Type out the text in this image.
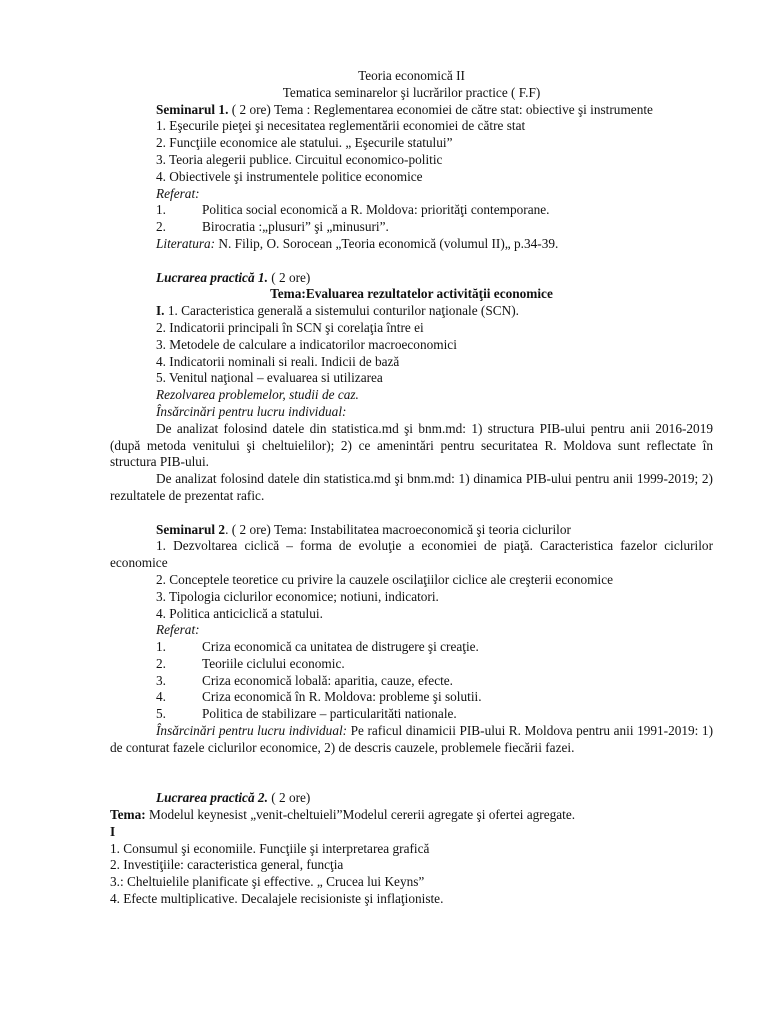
Teoria economică II

Tematica seminarelor şi lucrărilor practice ( F.F)

Seminarul 1. ( 2 ore) Tema : Reglementarea economiei de către stat: obiective şi instrumente

1. Eşecurile pieţei şi necesitatea reglementării economiei de către stat

2. Funcţiile economice ale statului. „ Eşecurile statului”

3. Teoria alegerii publice. Circuitul economico-politic

4. Obiectivele şi instrumentele politice economice

Referat:

1.	Politica social economică a R. Moldova: priorităţi contemporane.

2.	Birocratia :„plusuri” şi „minusuri”.

Literatura: N. Filip, O. Sorocean „Teoria economică (volumul II)„ p.34-39.

Lucrarea practică 1. ( 2 ore)

Tema:Evaluarea rezultatelor activităţii economice

I. 1. Caracteristica generală a sistemului conturilor naţionale (SCN).

2. Indicatorii principali în SCN şi corelaţia între ei

3. Metodele de calculare a indicatorilor macroeconomici

4. Indicatorii nominali si reali. Indicii de bază

5. Venitul naţional – evaluarea si utilizarea

Rezolvarea problemelor, studii de caz.

Însărcinări pentru lucru individual:

De analizat folosind datele din statistica.md şi bnm.md: 1) structura PIB-ului pentru anii 2016-2019 (după metoda venitului şi cheltuielilor); 2) ce amenintări pentru securitatea R. Moldova sunt reflectate în structura PIB-ului.

De analizat folosind datele din statistica.md şi bnm.md: 1) dinamica PIB-ului pentru anii 1999-2019; 2) rezultatele de prezentat rafic.

Seminarul 2. ( 2 ore) Tema: Instabilitatea macroeconomică şi teoria ciclurilor

1. Dezvoltarea ciclică – forma de evoluţie a economiei de piaţă. Caracteristica fazelor ciclurilor economice

2. Conceptele teoretice cu privire la cauzele oscilaţiilor ciclice ale creşterii economice

3. Tipologia ciclurilor economice; notiuni, indicatori.

4. Politica anticiclică a statului.

Referat:

1.	Criza economică ca unitatea de distrugere şi creaţie.

2.	Teoriile ciclului economic.

3.	Criza economică lobală: aparitia, cauze, efecte.

4.	Criza economică în R. Moldova: probleme şi solutii.

5.	Politica de stabilizare – particularităti nationale.

Însărcinări pentru lucru individual: Pe raficul dinamicii PIB-ului R. Moldova pentru anii 1991-2019: 1) de conturat fazele ciclurilor economice, 2) de descris cauzele, problemele fiecării fazei.

Lucrarea practică 2. ( 2 ore)

Tema: Modelul keynesist „venit-cheltuieli”Modelul cererii agregate şi ofertei agregate.

I

1. Consumul şi economiile. Funcţiile şi interpretarea grafică

2. Investiţiile: caracteristica general, funcţia

3.: Cheltuielile planificate şi effective. „ Crucea lui Keyns”

4. Efecte multiplicative. Decalajele recisioniste şi inflaţioniste.
